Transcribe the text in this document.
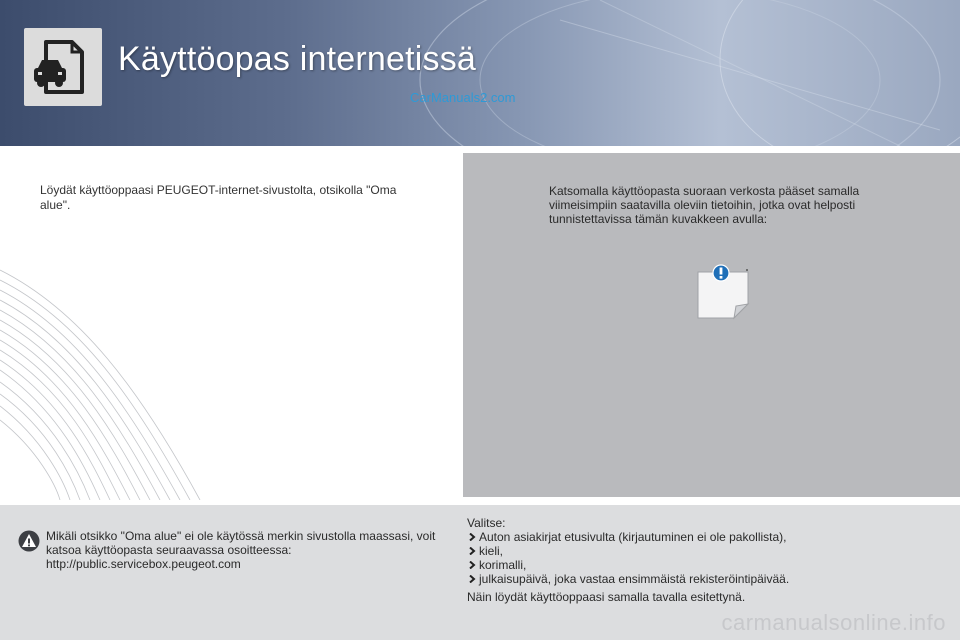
Käyttöopas internetissä
CarManuals2.com
Löydät käyttöoppaasi PEUGEOT-internet-sivustolta, otsikolla "Oma alue".
Katsomalla käyttöopasta suoraan verkosta pääset samalla viimeisimpiin saatavilla oleviin tietoihin, jotka ovat helposti tunnistettavissa tämän kuvakkeen avulla:
Mikäli otsikko "Oma alue" ei ole käytössä merkin sivustolla maassasi, voit katsoa käyttöopasta seuraavassa osoitteessa:
http://public.servicebox.peugeot.com
Valitse:
Auton asiakirjat etusivulta (kirjautuminen ei ole pakollista),
kieli,
korimalli,
julkaisupäivä, joka vastaa ensimmäistä rekisteröintipäivää.
Näin löydät käyttöoppaasi samalla tavalla esitettynä.
carmanualsonline.info
